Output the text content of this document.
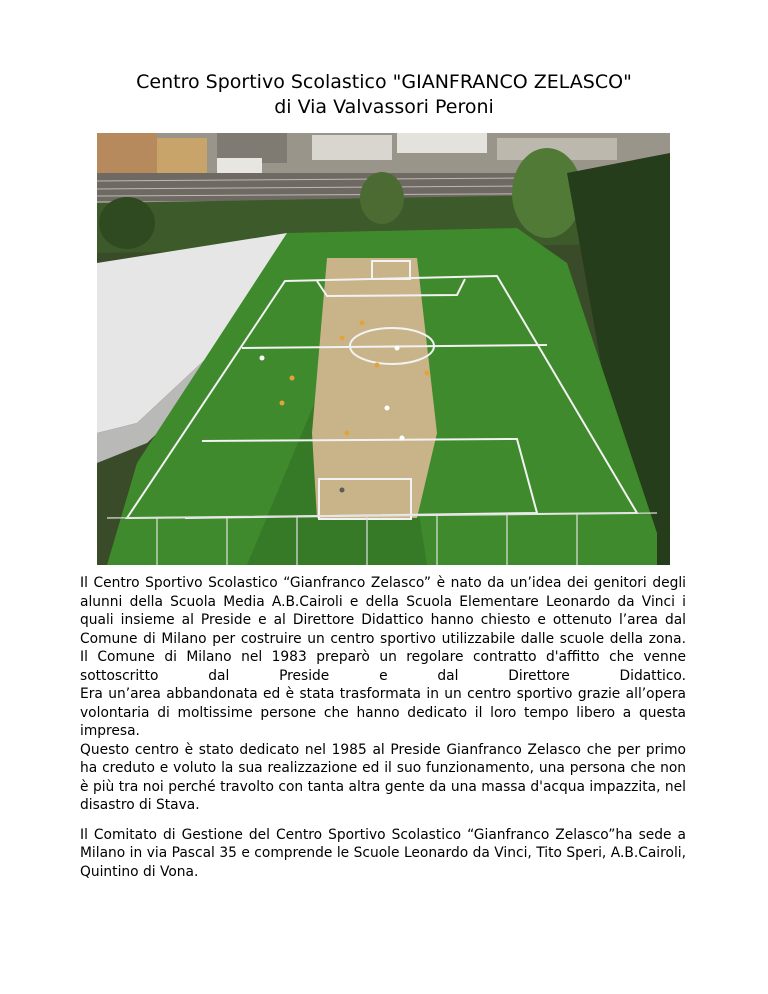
Centro Sportivo Scolastico "GIANFRANCO ZELASCO"
di Via Valvassori Peroni

Il Centro Sportivo Scolastico “Gianfranco Zelasco” è nato da un’idea dei genitori degli alunni della Scuola Media A.B.Cairoli e della Scuola Elementare Leonardo da Vinci i quali insieme al Preside e al Direttore Didattico hanno chiesto e ottenuto l’area dal Comune di Milano per costruire un centro sportivo utilizzabile dalle scuole della zona.

Il Comune di Milano nel 1983 preparò un regolare contratto d'affitto che venne sottoscritto dal Preside e dal Direttore Didattico.

Era un’area abbandonata ed è stata trasformata in un centro sportivo grazie all’opera volontaria di moltissime persone che hanno dedicato il loro tempo libero a questa impresa.

Questo centro è stato dedicato nel 1985 al Preside Gianfranco Zelasco che per primo ha creduto e voluto la sua realizzazione ed il suo funzionamento, una persona che non è più tra noi perché travolto con tanta altra gente da una massa d'acqua impazzita, nel disastro di Stava.

Il Comitato di Gestione del Centro Sportivo Scolastico “Gianfranco Zelasco”ha sede a Milano in via Pascal 35 e comprende le Scuole Leonardo da Vinci, Tito Speri, A.B.Cairoli, Quintino di Vona.
